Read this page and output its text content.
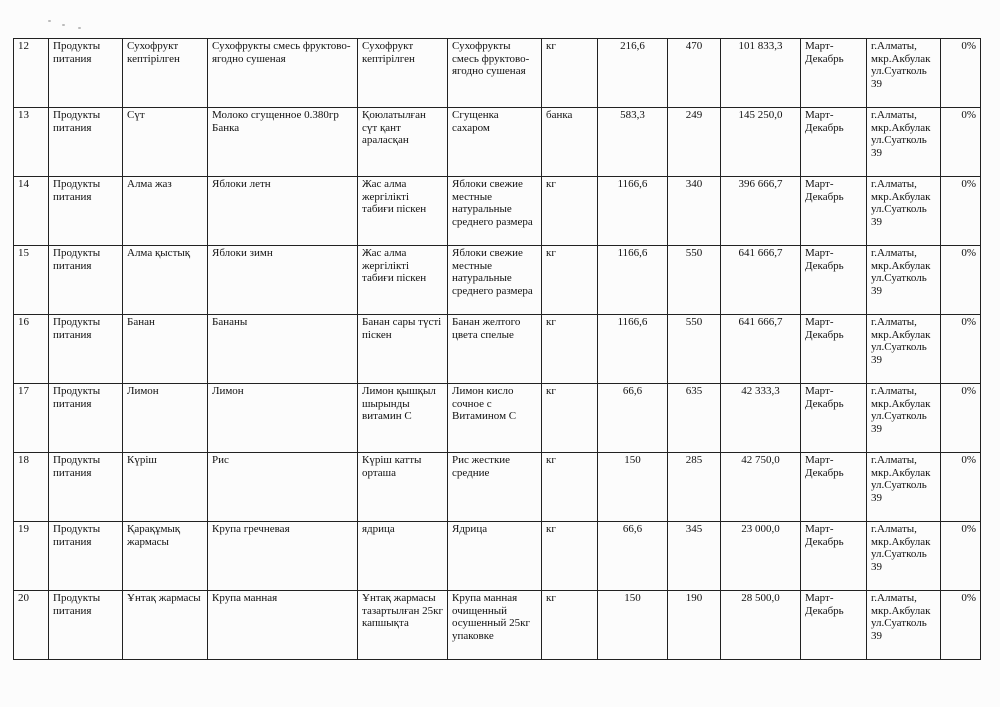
12	Продукты питания	Сухофрукт кептірілген	Сухофрукты смесь фруктово-ягодно сушеная	Сухофрукт кептірілген	Сухофрукты смесь фруктово-ягодно сушеная	кг	216,6	470	101 833,3	Март-Декабрь	г.Алматы, мкр.Акбулак ул.Суатколь 39	0%
13	Продукты питания	Сүт	Молоко сгущенное 0.380гр Банка	Қоюлатылған сүт қант араласқан	Сгущенка сахаром	банка	583,3	249	145 250,0	Март-Декабрь	г.Алматы, мкр.Акбулак ул.Суатколь 39	0%
14	Продукты питания	Алма жаз	Яблоки летн	Жас алма жергілікті табиғи піскен	Яблоки свежие местные натуральные среднего размера	кг	1166,6	340	396 666,7	Март-Декабрь	г.Алматы, мкр.Акбулак ул.Суатколь 39	0%
15	Продукты питания	Алма қыстық	Яблоки зимн	Жас алма жергілікті табиғи піскен	Яблоки свежие местные натуральные среднего размера	кг	1166,6	550	641 666,7	Март-Декабрь	г.Алматы, мкр.Акбулак ул.Суатколь 39	0%
16	Продукты питания	Банан	Бананы	Банан сары түсті піскен	Банан желтого цвета спелые	кг	1166,6	550	641 666,7	Март-Декабрь	г.Алматы, мкр.Акбулак ул.Суатколь 39	0%
17	Продукты питания	Лимон	Лимон	Лимон қышқыл шырынды витамин С	Лимон кисло сочное с Витамином С	кг	66,6	635	42 333,3	Март-Декабрь	г.Алматы, мкр.Акбулак ул.Суатколь 39	0%
18	Продукты питания	Күріш	Рис	Күріш катты орташа	Рис жесткие средние	кг	150	285	42 750,0	Март-Декабрь	г.Алматы, мкр.Акбулак ул.Суатколь 39	0%
19	Продукты питания	Қарақұмық жармасы	Крупа гречневая	ядрица	Ядрица	кг	66,6	345	23 000,0	Март-Декабрь	г.Алматы, мкр.Акбулак ул.Суатколь 39	0%
20	Продукты питания	Ұнтақ жармасы	Крупа манная	Ұнтақ жармасы тазартылған 25кг капшықта	Крупа манная очищенный осушенный 25кг упаковке	кг	150	190	28 500,0	Март-Декабрь	г.Алматы, мкр.Акбулак ул.Суатколь 39	0%
